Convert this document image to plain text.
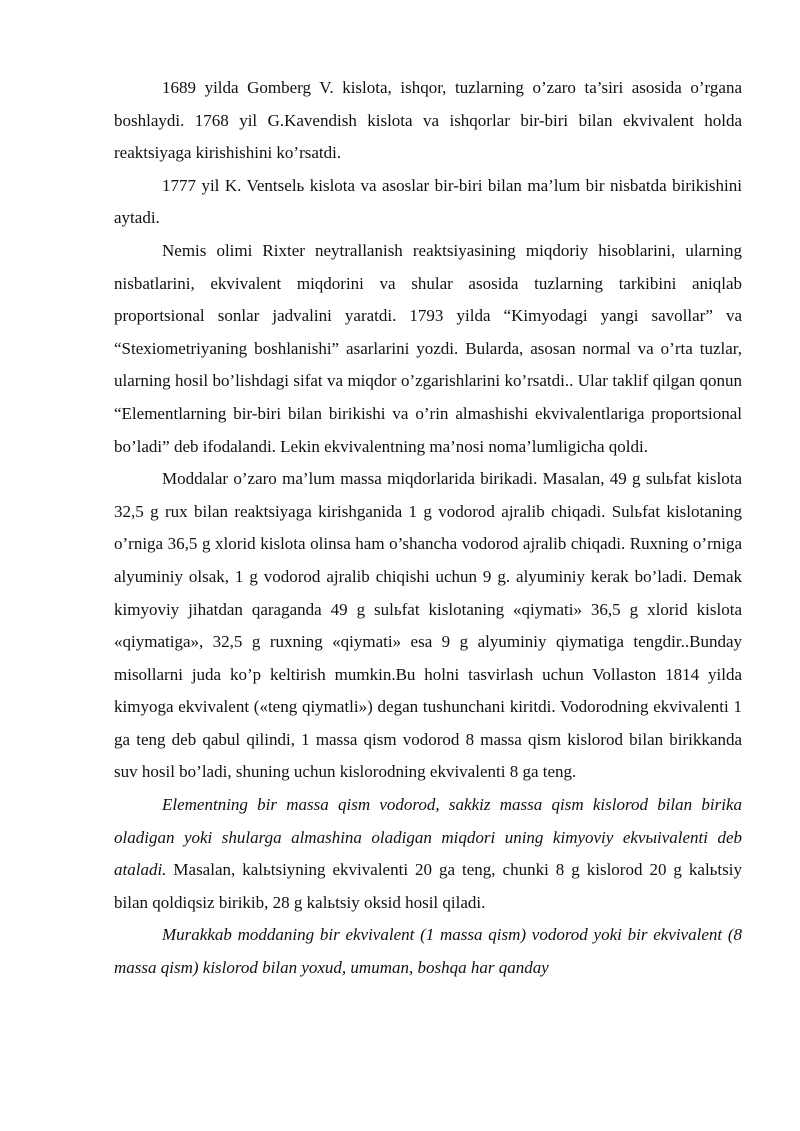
1689 yilda Gomberg V. kislota, ishqor, tuzlarning o’zaro ta’siri asosida o’rgana boshlaydi. 1768 yil G.Kavendish kislota va ishqorlar bir-biri bilan ekvivalent holda reaktsiyaga kirishishini ko’rsatdi.

1777 yil K. Ventselь kislota va asoslar bir-biri bilan ma’lum bir nisbatda birikishini aytadi.

Nemis olimi Rixter neytrallanish reaktsiyasining miqdoriy hisoblarini, ularning nisbatlarini, ekvivalent miqdorini va shular asosida tuzlarning tarkibini aniqlab proportsional sonlar jadvalini yaratdi. 1793 yilda “Kimyodagi yangi savollar” va “Stexiometriyaning boshlanishi” asarlarini yozdi. Bularda, asosan normal va o’rta tuzlar, ularning hosil bo’lishdagi sifat va miqdor o’zgarishlarini ko’rsatdi.. Ular taklif qilgan qonun “Elementlarning bir-biri bilan birikishi va o’rin almashishi ekvivalentlariga proportsional bo’ladi” deb ifodalandi. Lekin ekvivalentning ma’nosi noma’lumligicha qoldi.

Moddalar o’zaro ma’lum massa miqdorlarida birikadi. Masalan, 49 g sulьfat kislota 32,5 g rux bilan reaktsiyaga kirishganida 1 g vodorod ajralib chiqadi. Sulьfat kislotaning o’rniga 36,5 g xlorid kislota olinsa ham o’shancha vodorod ajralib chiqadi. Ruxning o’rniga alyuminiy olsak, 1 g vodorod ajralib chiqishi uchun 9 g. alyuminiy kerak bo’ladi. Demak kimyoviy jihatdan qaraganda 49 g sulьfat kislotaning «qiymati» 36,5 g xlorid kislota «qiymatiga», 32,5 g ruxning «qiymati» esa 9 g alyuminiy qiymatiga tengdir..Bunday misollarni juda ko’p keltirish mumkin.Bu holni tasvirlash uchun Vollaston 1814 yilda kimyoga ekvivalent («teng qiymatli») degan tushunchani kiritdi. Vodorodning ekvivalenti 1 ga teng deb qabul qilindi, 1 massa qism vodorod 8 massa qism kislorod bilan birikkanda suv hosil bo’ladi, shuning uchun kislorodning ekvivalenti 8 ga teng.

Elementning bir massa qism vodorod, sakkiz massa qism kislorod bilan birika oladigan yoki shularga almashina oladigan miqdori uning kimyoviy ekvыivalenti deb ataladi. Masalan, kalьtsiyning ekvivalenti 20 ga teng, chunki 8 g kislorod 20 g kalьtsiy bilan qoldiqsiz birikib, 28 g kalьtsiy oksid hosil qiladi.

Murakkab moddaning bir ekvivalent (1 massa qism) vodorod yoki bir ekvivalent (8 massa qism) kislorod bilan yoxud, umuman, boshqa har qanday
